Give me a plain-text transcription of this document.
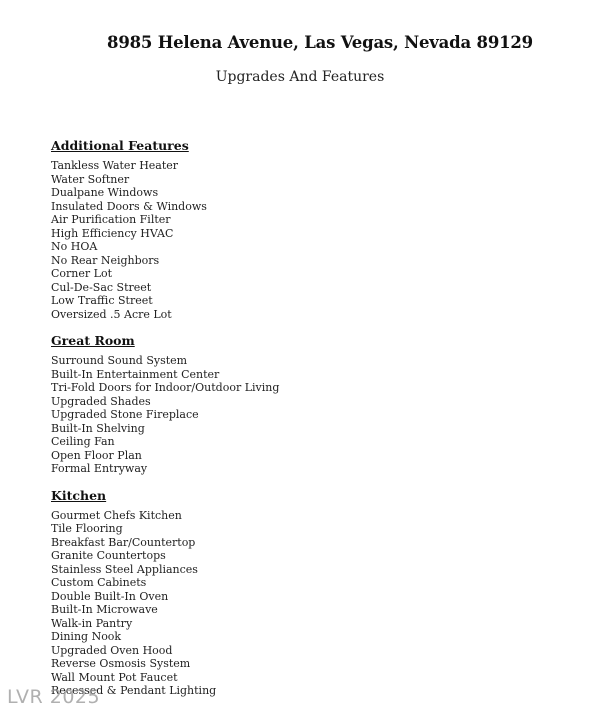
8985 Helena Avenue, Las Vegas, Nevada 89129
Upgrades And Features
Additional Features
Tankless Water Heater
Water Softner
Dualpane Windows
Insulated Doors & Windows
Air Purification Filter
High Efficiency HVAC
No HOA
No Rear Neighbors
Corner Lot
Cul-De-Sac Street
Low Traffic Street
Oversized .5 Acre Lot
Great Room
Surround Sound System
Built-In Entertainment Center
Tri-Fold Doors for Indoor/Outdoor Living
Upgraded Shades
Upgraded Stone Fireplace
Built-In Shelving
Ceiling Fan
Open Floor Plan
Formal Entryway
Kitchen
Gourmet Chefs Kitchen
Tile Flooring
Breakfast Bar/Countertop
Granite Countertops
Stainless Steel Appliances
Custom Cabinets
Double Built-In Oven
Built-In Microwave
Walk-in Pantry
Dining Nook
Upgraded Oven Hood
Reverse Osmosis System
Wall Mount Pot Faucet
Recessed & Pendant Lighting
LVR 2025
